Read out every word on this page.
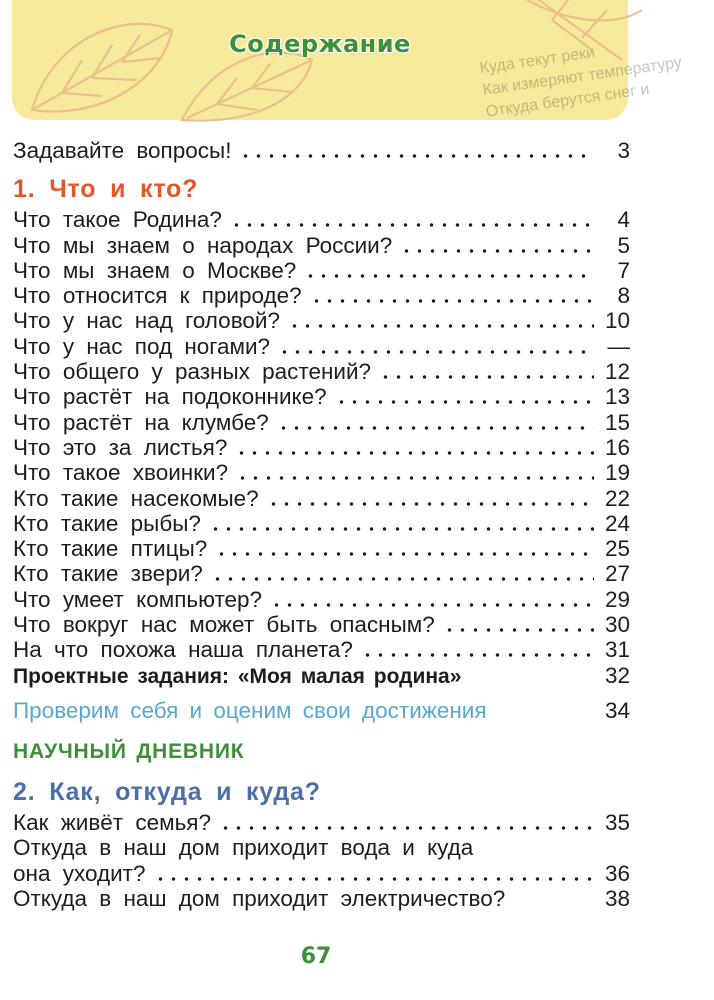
Куда текут реки
Как измеряют температуру
Откуда берутся снег и
Содержание
Задавайте вопросы!	3
1. Что и кто?
Что такое Родина?	4
Что мы знаем о народах России?	5
Что мы знаем о Москве?	7
Что относится к природе?	8
Что у нас над головой?	10
Что у нас под ногами?	—
Что общего у разных растений?	12
Что растёт на подоконнике?	13
Что растёт на клумбе?	15
Что это за листья?	16
Что такое хвоинки?	19
Кто такие насекомые?	22
Кто такие рыбы?	24
Кто такие птицы?	25
Кто такие звери?	27
Что умеет компьютер?	29
Что вокруг нас может быть опасным?	30
На что похожа наша планета?	31
Проектные задания: «Моя малая родина»	32
Проверим себя и оценим свои достижения	34
НАУЧНЫЙ ДНЕВНИК
2. Как, откуда и куда?
Как живёт семья?	35
Откуда в наш дом приходит вода и куда
она уходит?	36
Откуда в наш дом приходит электричество?	38
67
